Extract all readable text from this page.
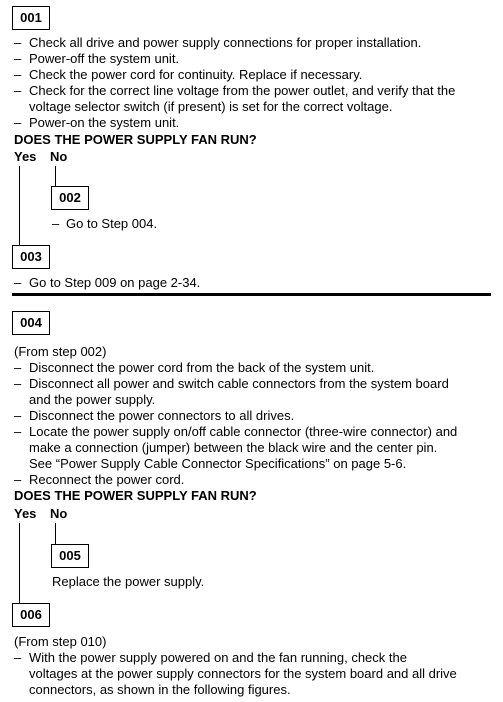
001
– Check all drive and power supply connections for proper installation.
– Power-off the system unit.
– Check the power cord for continuity. Replace if necessary.
– Check for the correct line voltage from the power outlet, and verify that the
voltage selector switch (if present) is set for the correct voltage.
– Power-on the system unit.
DOES THE POWER SUPPLY FAN RUN?
Yes No
002
– Go to Step 004.
003
– Go to Step 009 on page 2-34.
004
(From step 002)
– Disconnect the power cord from the back of the system unit.
– Disconnect all power and switch cable connectors from the system board
and the power supply.
– Disconnect the power connectors to all drives.
– Locate the power supply on/off cable connector (three-wire connector) and
make a connection (jumper) between the black wire and the center pin.
See “Power Supply Cable Connector Specifications” on page 5-6.
– Reconnect the power cord.
DOES THE POWER SUPPLY FAN RUN?
Yes No
005
Replace the power supply.
006
(From step 010)
– With the power supply powered on and the fan running, check the
voltages at the power supply connectors for the system board and all drive
connectors, as shown in the following figures.
